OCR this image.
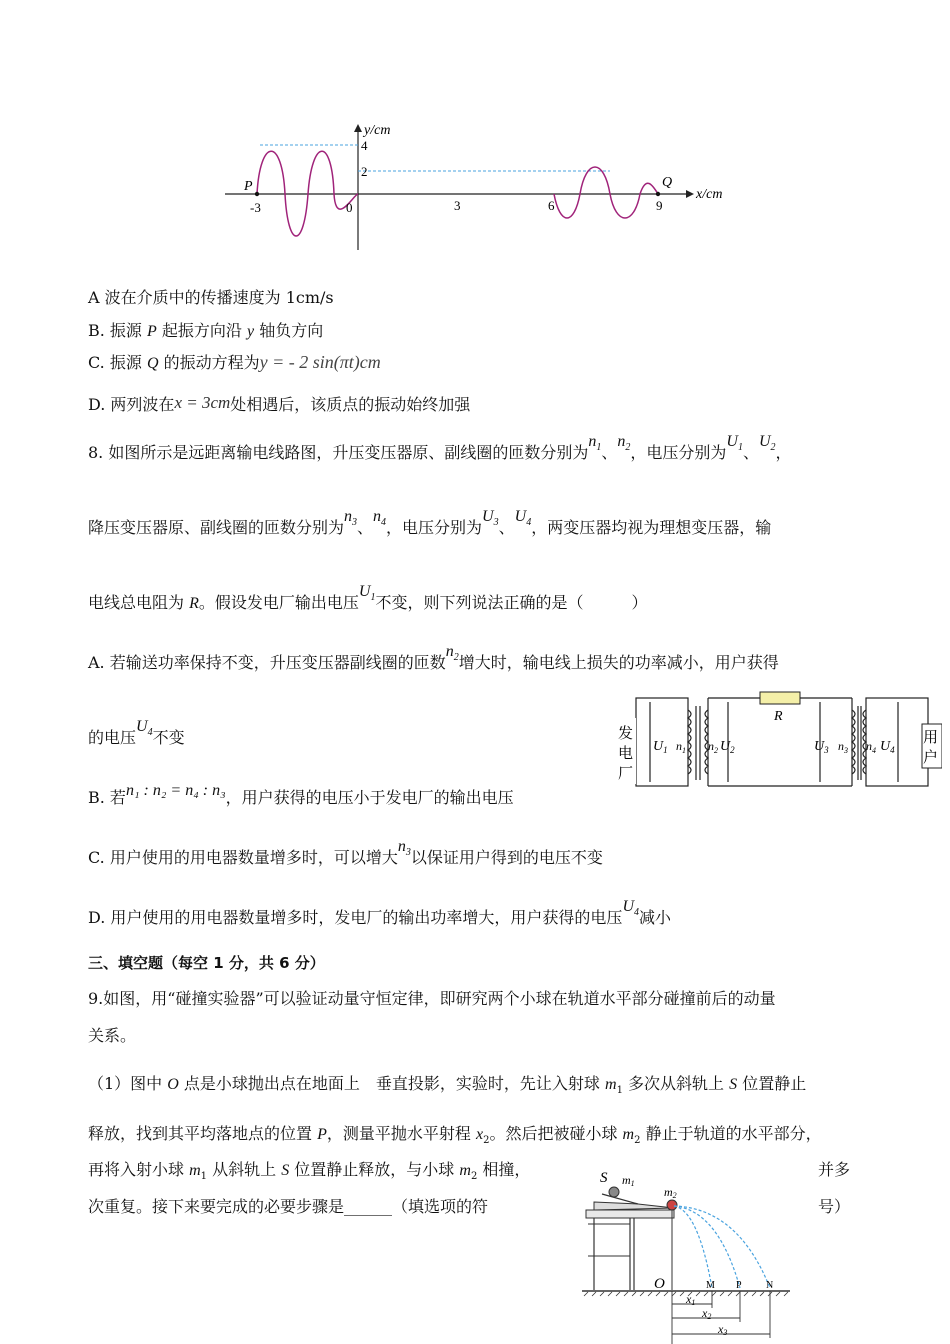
y/cm
x/cm
4
2
-3	0	3	6	9
P	Q
A 波在介质中的传播速度为 1cm/s
B. 振源 P 起振方向沿 y 轴负方向
C. 振源 Q 的振动方程为y = - 2 sin(πt)cm
D. 两列波在x = 3cm处相遇后，该质点的振动始终加强
8. 如图所示是远距离输电线路图，升压变压器原、副线圈的匝数分别为$n_1$、$n_2$，电压分别为$U_1$、$U_2$，
降压变压器原、副线圈的匝数分别为$n_3$、$n_4$，电压分别为$U_3$、$U_4$，两变压器均视为理想变压器，输
电线总电阻为 R。假设发电厂输出电压$U_1$不变，则下列说法正确的是（　　　）
A. 若输送功率保持不变，升压变压器副线圈的匝数$n_2$增大时，输电线上损失的功率减小，用户获得
的电压$U_4$不变
B. 若n₁ : n₂ = n₄ : n₃，用户获得的电压小于发电厂的输出电压
C. 用户使用的用电器数量增多时，可以增大$n_3$以保证用户得到的电压不变
D. 用户使用的用电器数量增多时，发电厂的输出功率增大，用户获得的电压$U_4$减小
R
用
户
发
电
厂
$U_1$ $n_1$ $n_2$ $U_2$	$U_3$ $n_3$ $n_4$ $U_4$
三、填空题（每空 1 分，共 6 分）
9.如图，用“碰撞实验器”可以验证动量守恒定律，即研究两个小球在轨道水平部分碰撞前后的动量
关系。
（1）图中 O 点是小球抛出点在地面上　垂直投影，实验时，先让入射球 $m_1$ 多次从斜轨上 S 位置静止
释放，找到其平均落地点的位置 P，测量平抛水平射程 $x_2$。然后把被碰小球 $m_2$ 静止于轨道的水平部分，
再将入射小球 $m_1$ 从斜轨上 S 位置静止释放，与小球 $m_2$ 相撞，	并多
次重复。接下来要完成的必要步骤是______（填选项的符	号）
S m1
m2
O	M P N
x1
x2
x3
